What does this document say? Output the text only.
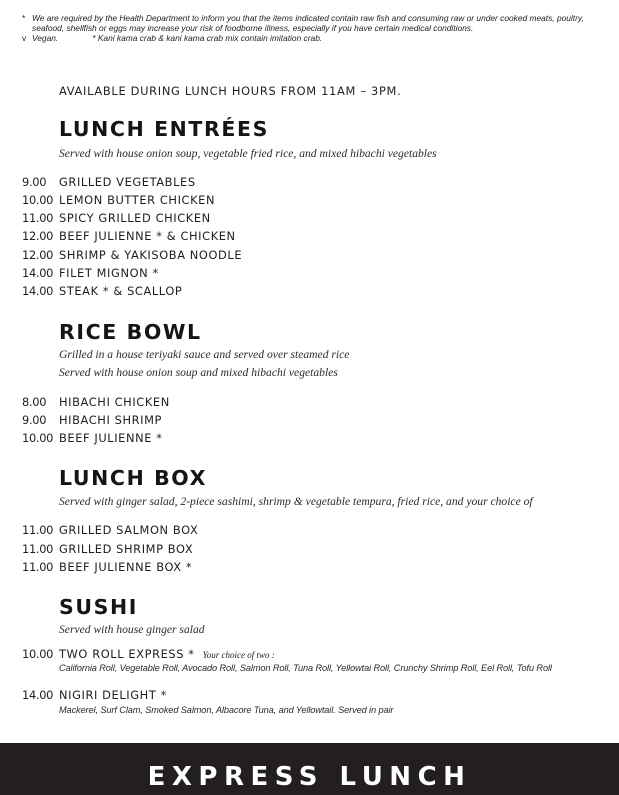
* We are required by the Health Department to inform you that the items indicated contain raw fish and consuming raw or under cooked meats, poultry, seafood, shellfish or eggs may increase your risk of foodborne illness, especially if you have certain medical conditions.
v Vegan.	* Kani kama crab & kani kama crab mix contain imitation crab.
AVAILABLE DURING LUNCH HOURS FROM 11AM – 3PM.
LUNCH ENTRÉES
Served with house onion soup, vegetable fried rice, and mixed hibachi vegetables
9.00	GRILLED VEGETABLES
10.00 LEMON BUTTER CHICKEN
11.00 SPICY GRILLED CHICKEN
12.00 BEEF JULIENNE * & CHICKEN
12.00 SHRIMP & YAKISOBA NOODLE
14.00 FILET MIGNON *
14.00 STEAK * & SCALLOP
RICE BOWL
Grilled in a house teriyaki sauce and served over steamed rice
Served with house onion soup and mixed hibachi vegetables
8.00	HIBACHI CHICKEN
9.00	HIBACHI SHRIMP
10.00 BEEF JULIENNE *
LUNCH BOX
Served with ginger salad, 2-piece sashimi, shrimp & vegetable tempura, fried rice, and your choice of
11.00 GRILLED SALMON BOX
11.00 GRILLED SHRIMP BOX
11.00 BEEF JULIENNE BOX *
SUSHI
Served with house ginger salad
10.00 TWO ROLL EXPRESS * Your choice of two :
California Roll, Vegetable Roll, Avocado Roll, Salmon Roll, Tuna Roll, Yellowtai Roll, Crunchy Shrimp Roll, Eel Roll, Tofu Roll
14.00 NIGIRI DELIGHT *
Mackerel, Surf Clam, Smoked Salmon, Albacore Tuna, and Yellowtail. Served in pair
EXPRESS LUNCH
